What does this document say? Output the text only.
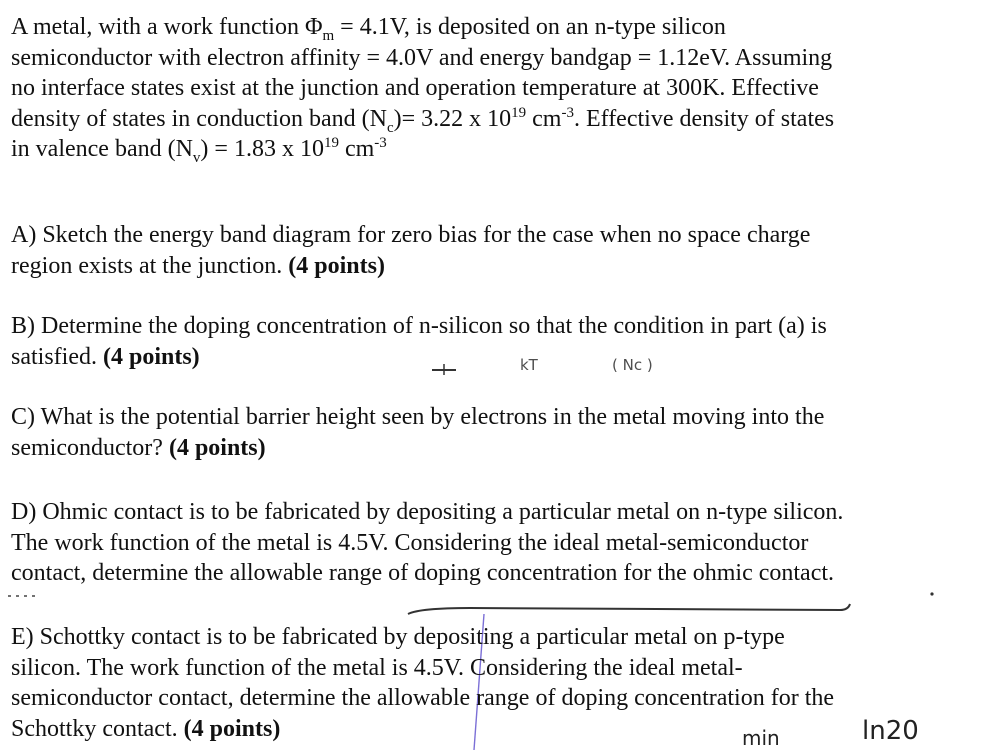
A metal, with a work function $\Phi_m = 4.1V$, is deposited on an n-type silicon
semiconductor with electron affinity = 4.0V and energy bandgap = 1.12eV. Assuming
no interface states exist at the junction and operation temperature at 300K. Effective
density of states in conduction band $(N_c)= 3.22$ x $10^{19}$ $cm^{-3}$. Effective density of states
in valence band $(N_v) = 1.83$ x $10^{19}$ $cm^{-3}$
A) Sketch the energy band diagram for zero bias for the case when no space charge
region exists at the junction. (4 points)
B) Determine the doping concentration of n-silicon so that the condition in part (a) is
satisfied. (4 points)	kT	( Nc )
C) What is the potential barrier height seen by electrons in the metal moving into the
semiconductor? (4 points)
D) Ohmic contact is to be fabricated by depositing a particular metal on n-type silicon.
The work function of the metal is 4.5V. Considering the ideal metal-semiconductor
contact, determine the allowable range of doping concentration for the ohmic contact.
E) Schottky contact is to be fabricated by depositing a particular metal on p-type
silicon. The work function of the metal is 4.5V. Considering the ideal metal-
semiconductor contact, determine the allowable range of doping concentration for the
Schottky contact. (4 points)	min	ln20
